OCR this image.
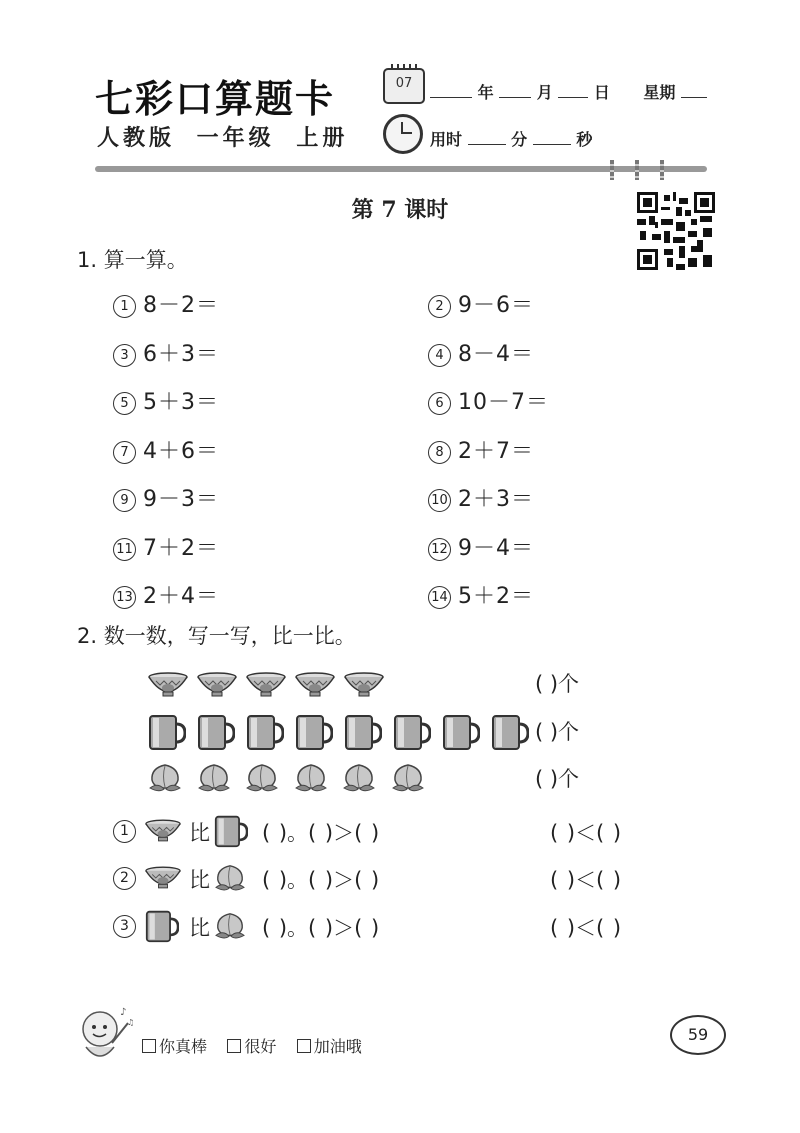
七彩口算题卡
人教版 一年级 上册
07	年	月	日 星期
用时	分	秒
第 7 课时
1. 算一算。
1 8－2＝	2 9－6＝
3 6＋3＝	4 8－4＝
5 5＋3＝	6 10－7＝
7 4＋6＝	8 2＋7＝
9 9－3＝	10 2＋3＝
11 7＋2＝	12 9－4＝
13 2＋4＝	14 5＋2＝
2. 数一数，写一写，比一比。
( )个
( )个
( )个
1	比 ( )。( )＞( )	( )＜( )
2	比 ( )。( )＞( )	( )＜( )
3	比 ( )。( )＞( )	( )＜( )
♪
♫
你真棒 很好 加油哦
59
